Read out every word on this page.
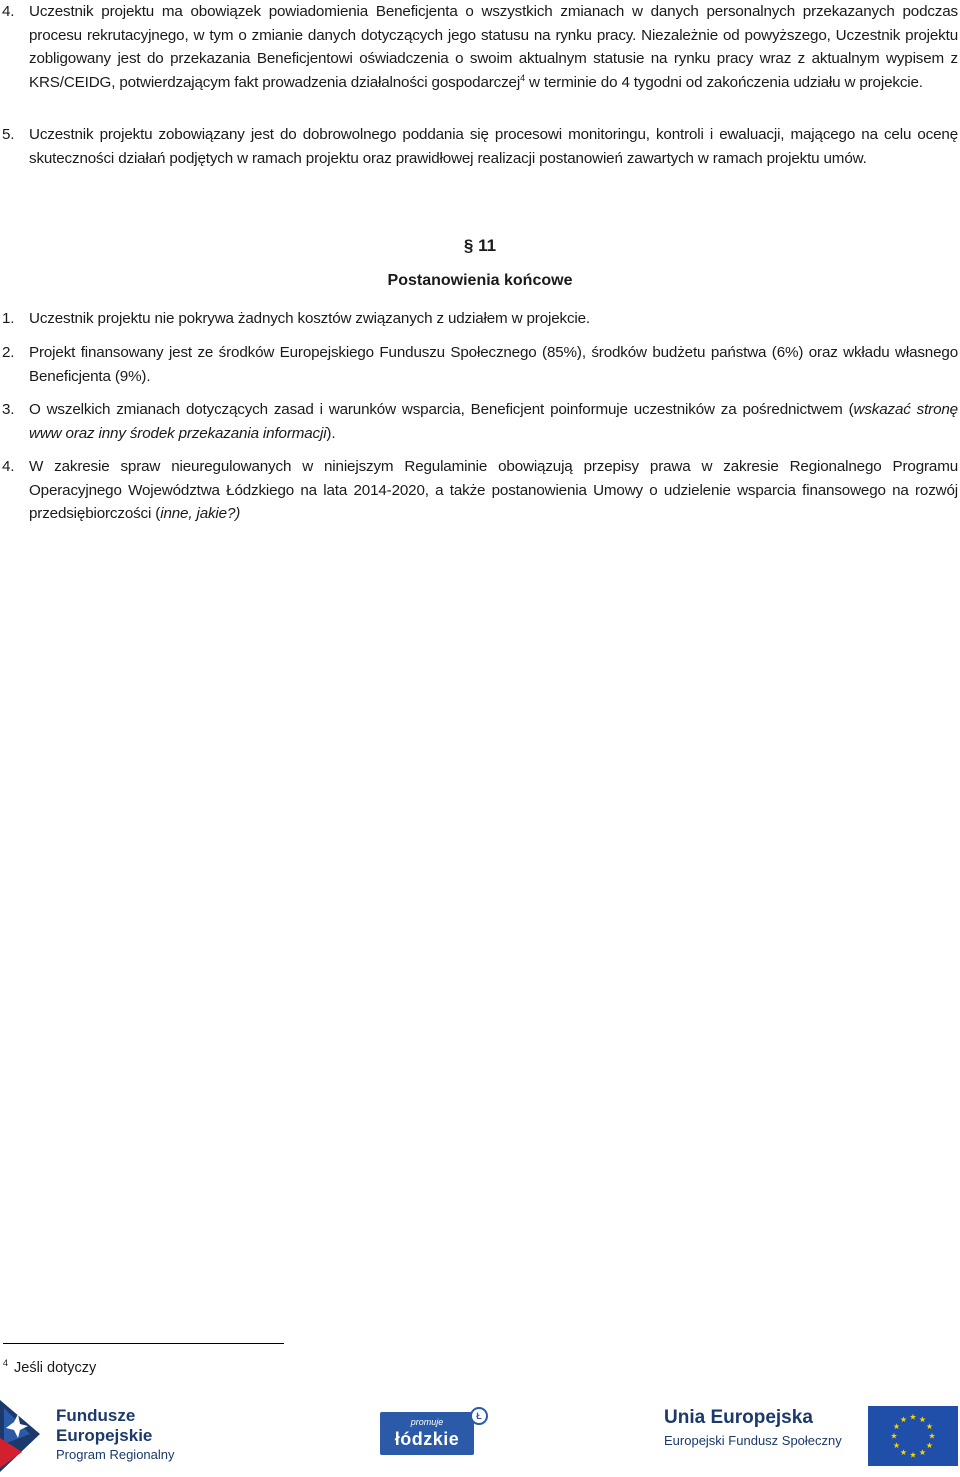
4. Uczestnik projektu ma obowiązek powiadomienia Beneficjenta o wszystkich zmianach w danych personalnych przekazanych podczas procesu rekrutacyjnego, w tym o zmianie danych dotyczących jego statusu na rynku pracy. Niezależnie od powyższego, Uczestnik projektu zobligowany jest do przekazania Beneficjentowi oświadczenia o swoim aktualnym statusie na rynku pracy wraz z aktualnym wypisem z KRS/CEIDG, potwierdzającym fakt prowadzenia działalności gospodarczej$^4$ w terminie do 4 tygodni od zakończenia udziału w projekcie.

5. Uczestnik projektu zobowiązany jest do dobrowolnego poddania się procesowi monitoringu, kontroli i ewaluacji, mającego na celu ocenę skuteczności działań podjętych w ramach projektu oraz prawidłowej realizacji postanowień zawartych w ramach projektu umów.

§ 11
Postanowienia końcowe
1. Uczestnik projektu nie pokrywa żadnych kosztów związanych z udziałem w projekcie.

2. Projekt finansowany jest ze środków Europejskiego Funduszu Społecznego (85%), środków budżetu państwa (6%) oraz wkładu własnego Beneficjenta (9%).

3. O wszelkich zmianach dotyczących zasad i warunków wsparcia, Beneficjent poinformuje uczestników za pośrednictwem (wskazać stronę www oraz inny środek przekazania informacji).

4. W zakresie spraw nieuregulowanych w niniejszym Regulaminie obowiązują przepisy prawa w zakresie Regionalnego Programu Operacyjnego Województwa Łódzkiego na lata 2014-2020, a także postanowienia Umowy o udzielenie wsparcia finansowego na rozwój przedsiębiorczości (inne, jakie?)

$^4$ Jeśli dotyczy
Fundusze
Europejskie
Program Regionalny
promuje
łódzkie
Ł	Unia Europejska
Europejski Fundusz Społeczny
